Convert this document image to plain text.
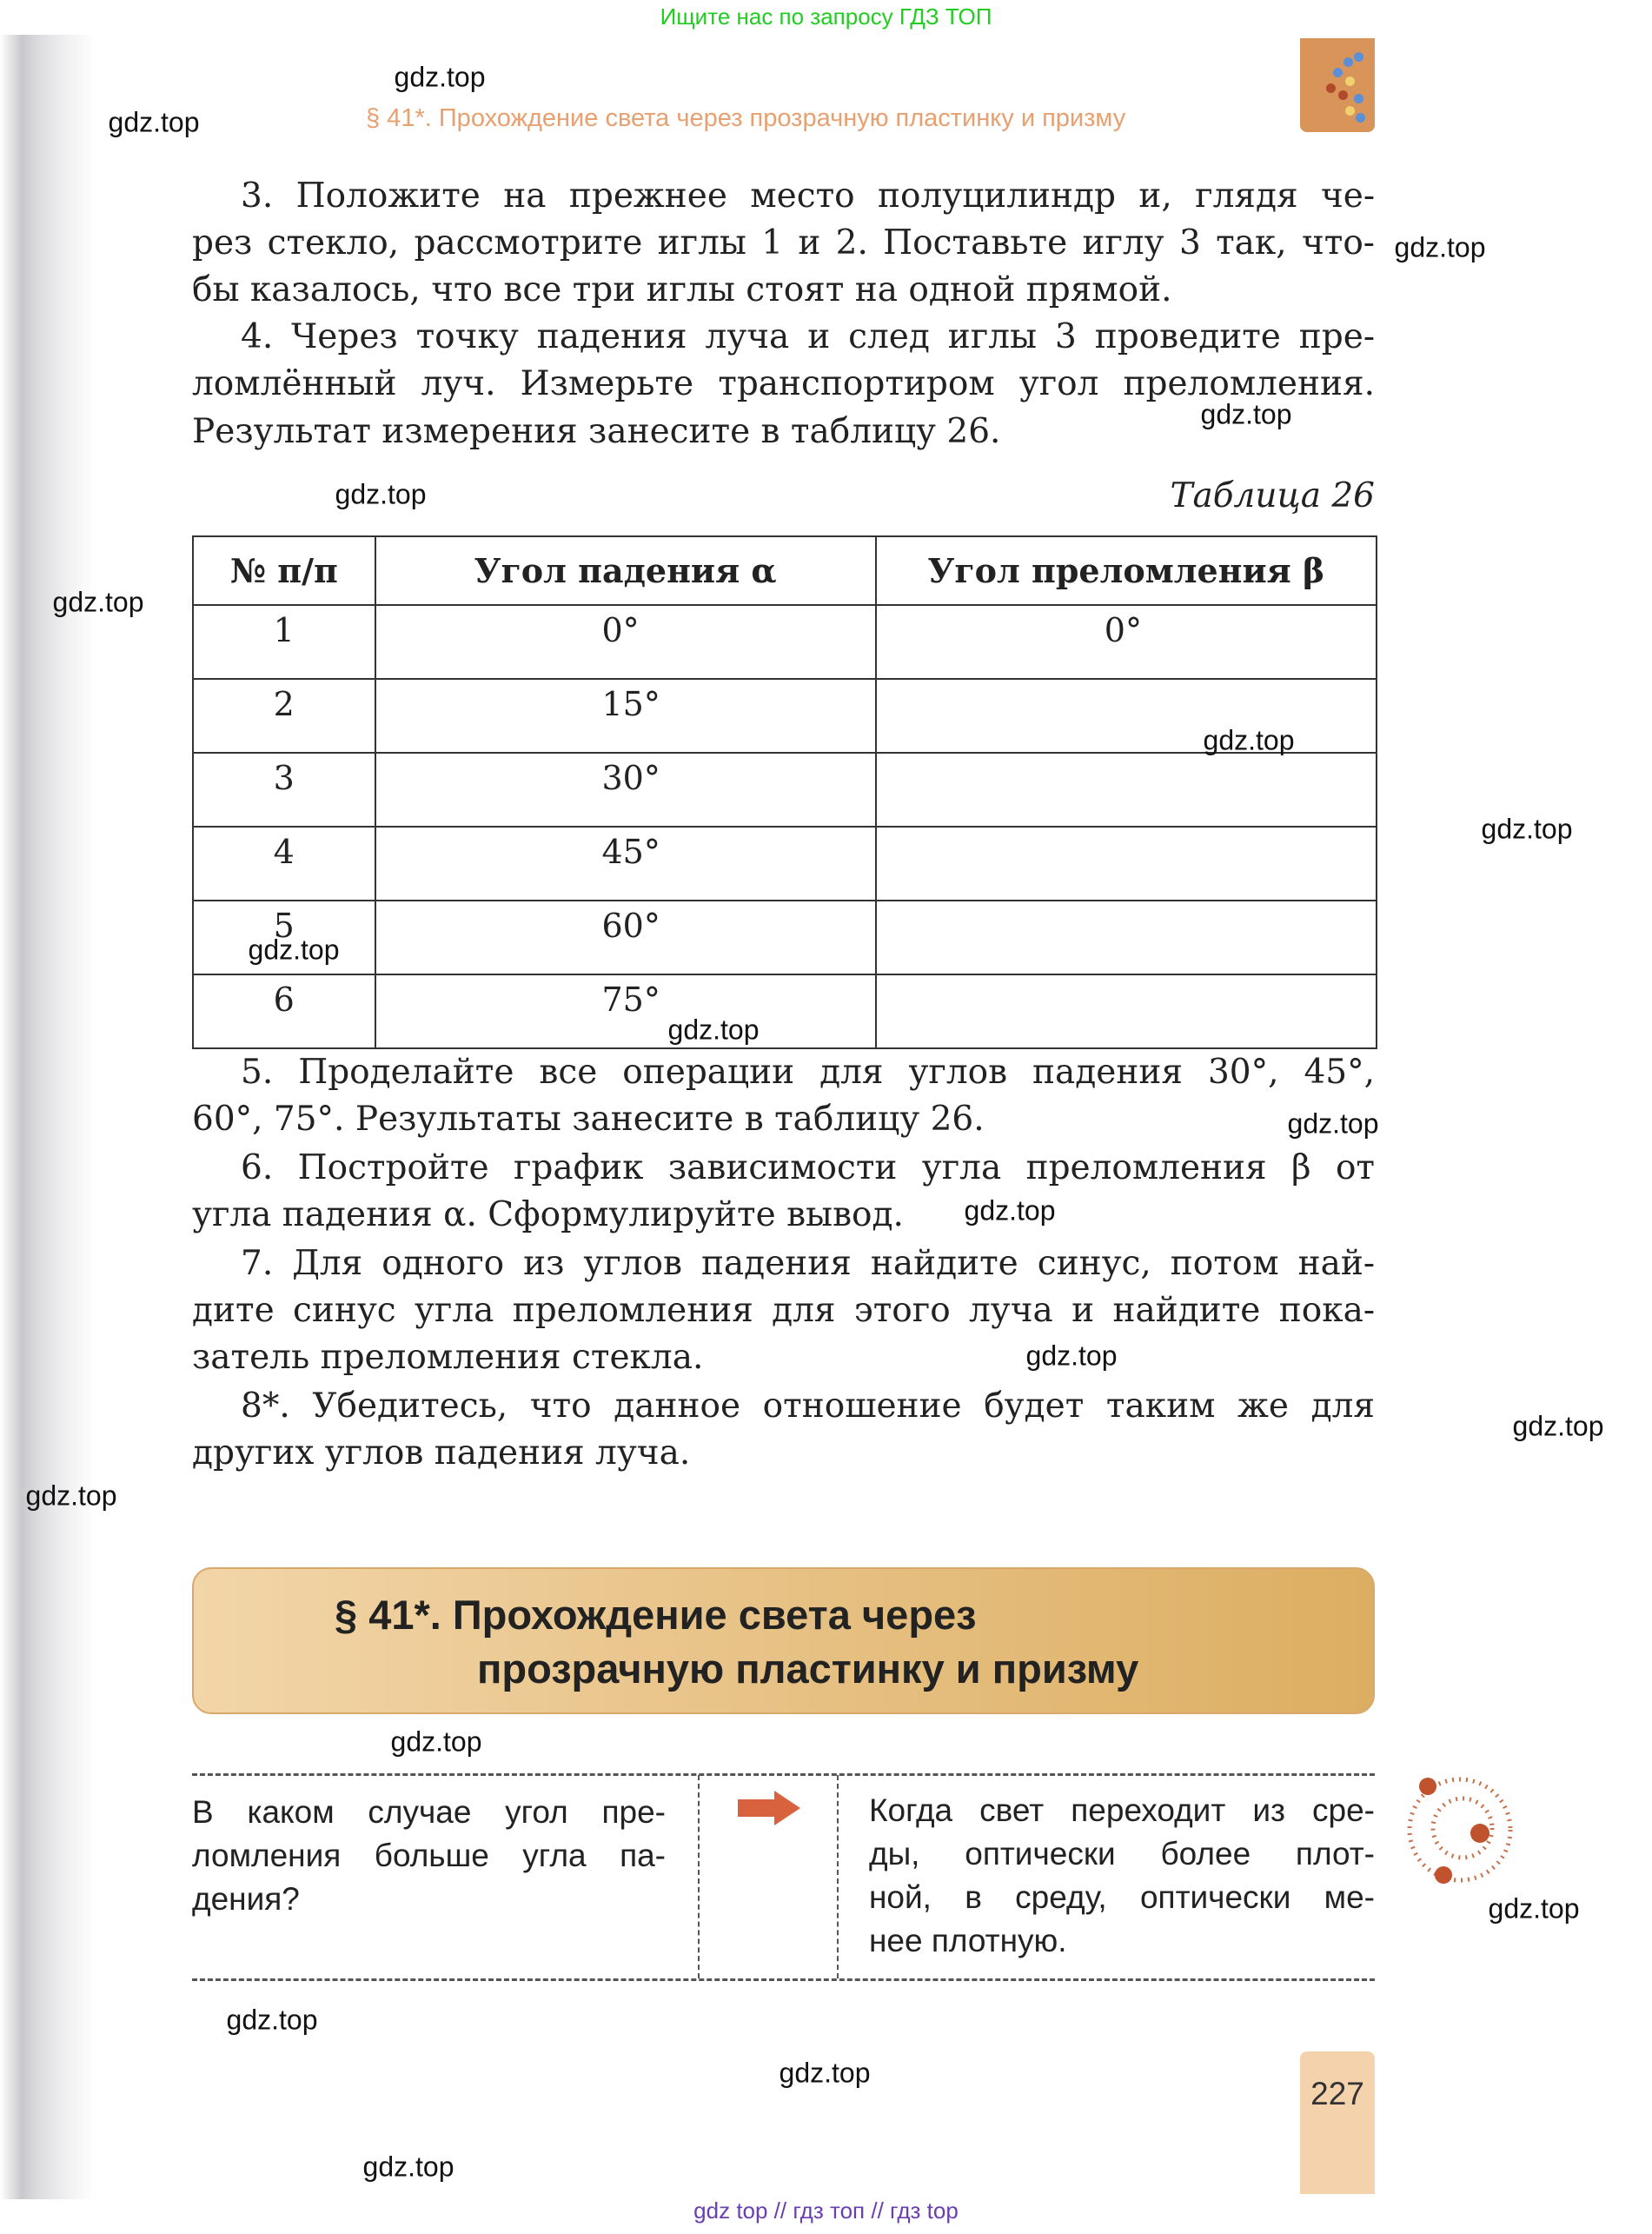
Ищите нас по запросу ГДЗ ТОП
§ 41*. Прохождение света через прозрачную пластинку и призму
3. Положите на прежнее место полуцилиндр и, глядя че-
рез стекло, рассмотрите иглы 1 и 2. Поставьте иглу 3 так, что-
бы казалось, что все три иглы стоят на одной прямой.
4. Через точку падения луча и след иглы 3 проведите пре-
ломлённый луч. Измерьте транспортиром угол преломления.
Результат измерения занесите в таблицу 26.
Таблица 26
№ п/п	Угол падения α	Угол преломления β
1	0°	0°
2	15°	
3	30°	
4	45°	
5	60°	
6	75°	
5. Проделайте все операции для углов падения 30°, 45°,
60°, 75°. Результаты занесите в таблицу 26.
6. Постройте график зависимости угла преломления β от
угла падения α. Сформулируйте вывод.
7. Для одного из углов падения найдите синус, потом най-
дите синус угла преломления для этого луча и найдите пока-
затель преломления стекла.
8*. Убедитесь, что данное отношение будет таким же для
других углов падения луча.
§ 41*. Прохождение света через
прозрачную пластинку и призму
В каком случае угол пре-
ломления больше угла па-
дения?
Когда свет переходит из сре-
ды, оптически более плот-
ной, в среду, оптически ме-
нее плотную.
227
gdz top // гдз топ // гдз top
gdz.top
gdz.top
gdz.top
gdz.top
gdz.top
gdz.top
gdz.top
gdz.top
gdz.top
gdz.top
gdz.top
gdz.top
gdz.top
gdz.top
gdz.top
gdz.top
gdz.top
gdz.top
gdz.top
gdz.top
